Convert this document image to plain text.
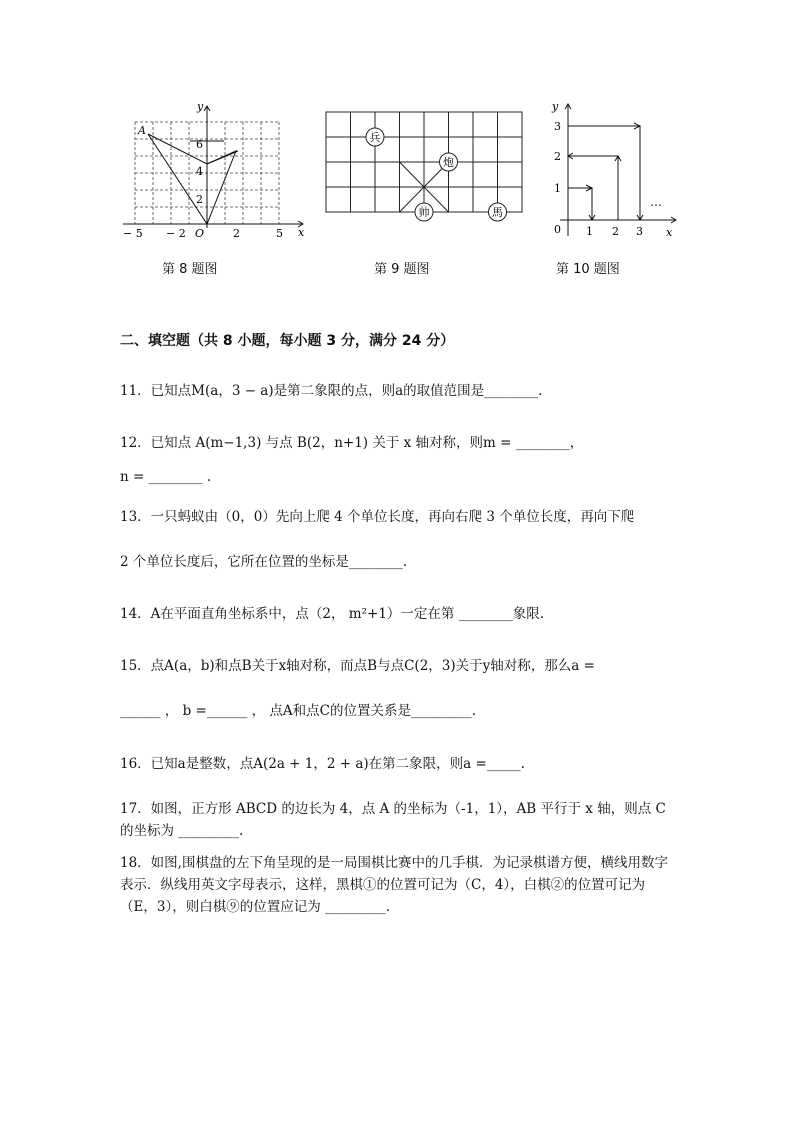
y
x
A
O
6
4
2
− 5 − 2	2	5
第 8 题图
兵
炮
帅	馬
第 9 题图
y
x
0
1
2
3
1 2 3
…
第 10 题图
二、填空题（共 8 小题，每小题 3 分，满分 24 分）
11．已知点M(a，3 − a)是第二象限的点，则a的取值范围是________.
12．已知点 A(m−1,3) 与点 B(2，n+1) 关于 x 轴对称，则m = ________，
n = ________ .
13．一只蚂蚁由（0，0）先向上爬 4 个单位长度，再向右爬 3 个单位长度，再向下爬
2 个单位长度后，它所在位置的坐标是________.
14．A在平面直角坐标系中，点（2， m²+1）一定在第 ________象限.
15．点A(a，b)和点B关于x轴对称，而点B与点C(2，3)关于y轴对称，那么a =
______ ， b =______ ， 点A和点C的位置关系是_________.
16．已知a是整数，点A(2a + 1，2 + a)在第二象限，则a =_____.
17．如图，正方形 ABCD 的边长为 4，点 A 的坐标为（-1，1），AB 平行于 x 轴，则点 C 的坐标为 _________.
18．如图,围棋盘的左下角呈现的是一局围棋比赛中的几手棋．为记录棋谱方便，横线用数字表示．纵线用英文字母表示，这样，黑棋①的位置可记为（C，4），白棋②的位置可记为（E，3），则白棋⑨的位置应记为 _________.
